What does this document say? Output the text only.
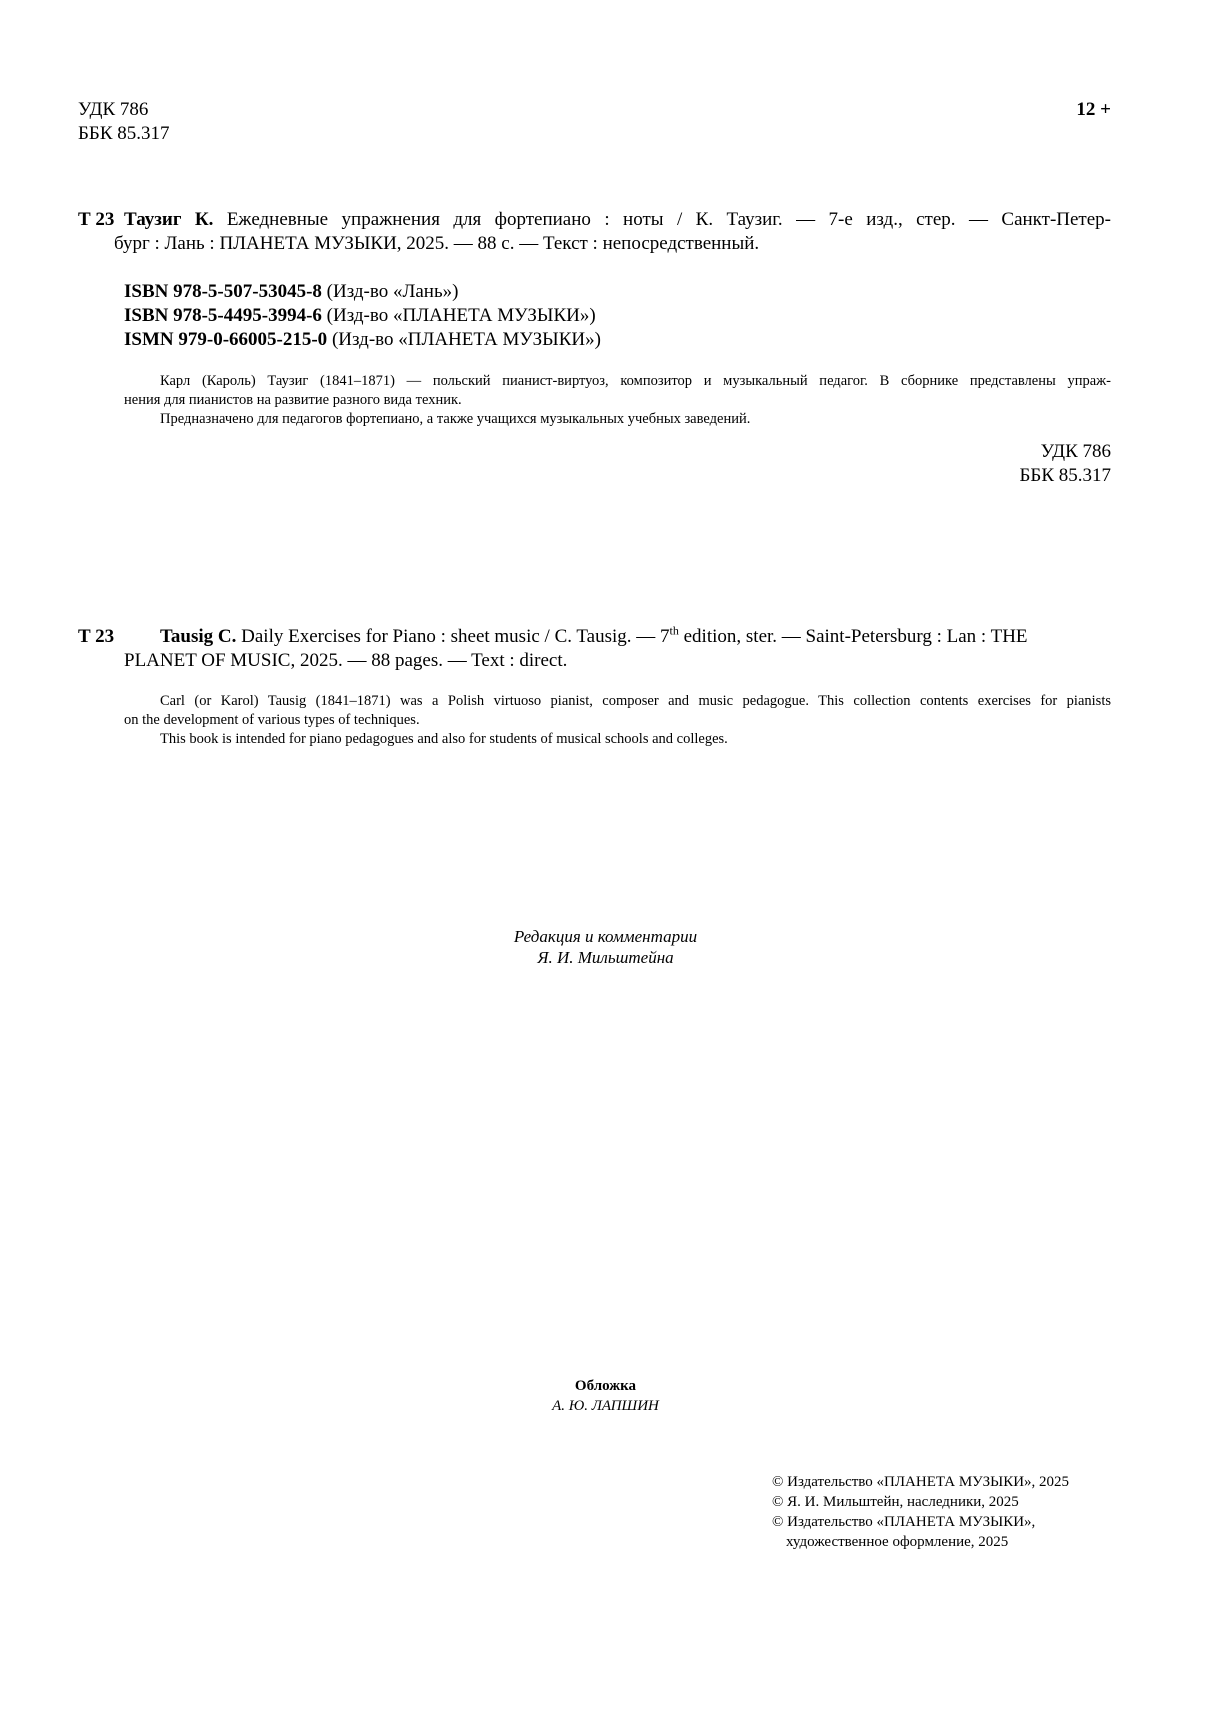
УДК 786
ББК 85.317
12 +
Т 23 Таузиг К. Ежедневные упражнения для фортепиано : ноты / К. Таузиг. — 7-е изд., стер. — Санкт-Петер-
бург : Лань : ПЛАНЕТА МУЗЫКИ, 2025. — 88 с. — Текст : непосредственный.
ISBN 978-5-507-53045-8 (Изд-во «Лань»)
ISBN 978-5-4495-3994-6 (Изд-во «ПЛАНЕТА МУЗЫКИ»)
ISMN 979-0-66005-215-0 (Изд-во «ПЛАНЕТА МУЗЫКИ»)
Карл (Кароль) Таузиг (1841–1871) — польский пианист-виртуоз, композитор и музыкальный педагог. В сборнике представлены упраж-
нения для пианистов на развитие разного вида техник.
Предназначено для педагогов фортепиано, а также учащихся музыкальных учебных заведений.
УДК 786
ББК 85.317
T 23	Tausig C. Daily Exercises for Piano : sheet music / C. Tausig. — 7th edition, ster. — Saint-Petersburg : Lan : THE
PLANET OF MUSIC, 2025. — 88 pages. — Text : direct.
Carl (or Karol) Tausig (1841–1871) was a Polish virtuoso pianist, composer and music pedagogue. This collection contents exercises for pianists
on the development of various types of techniques.
This book is intended for piano pedagogues and also for students of musical schools and colleges.
Редакция и комментарии
Я. И. Мильштейна
Обложка
А. Ю. ЛАПШИН
© Издательство «ПЛАНЕТА МУЗЫКИ», 2025
© Я. И. Мильштейн, наследники, 2025
© Издательство «ПЛАНЕТА МУЗЫКИ»,
художественное оформление, 2025
